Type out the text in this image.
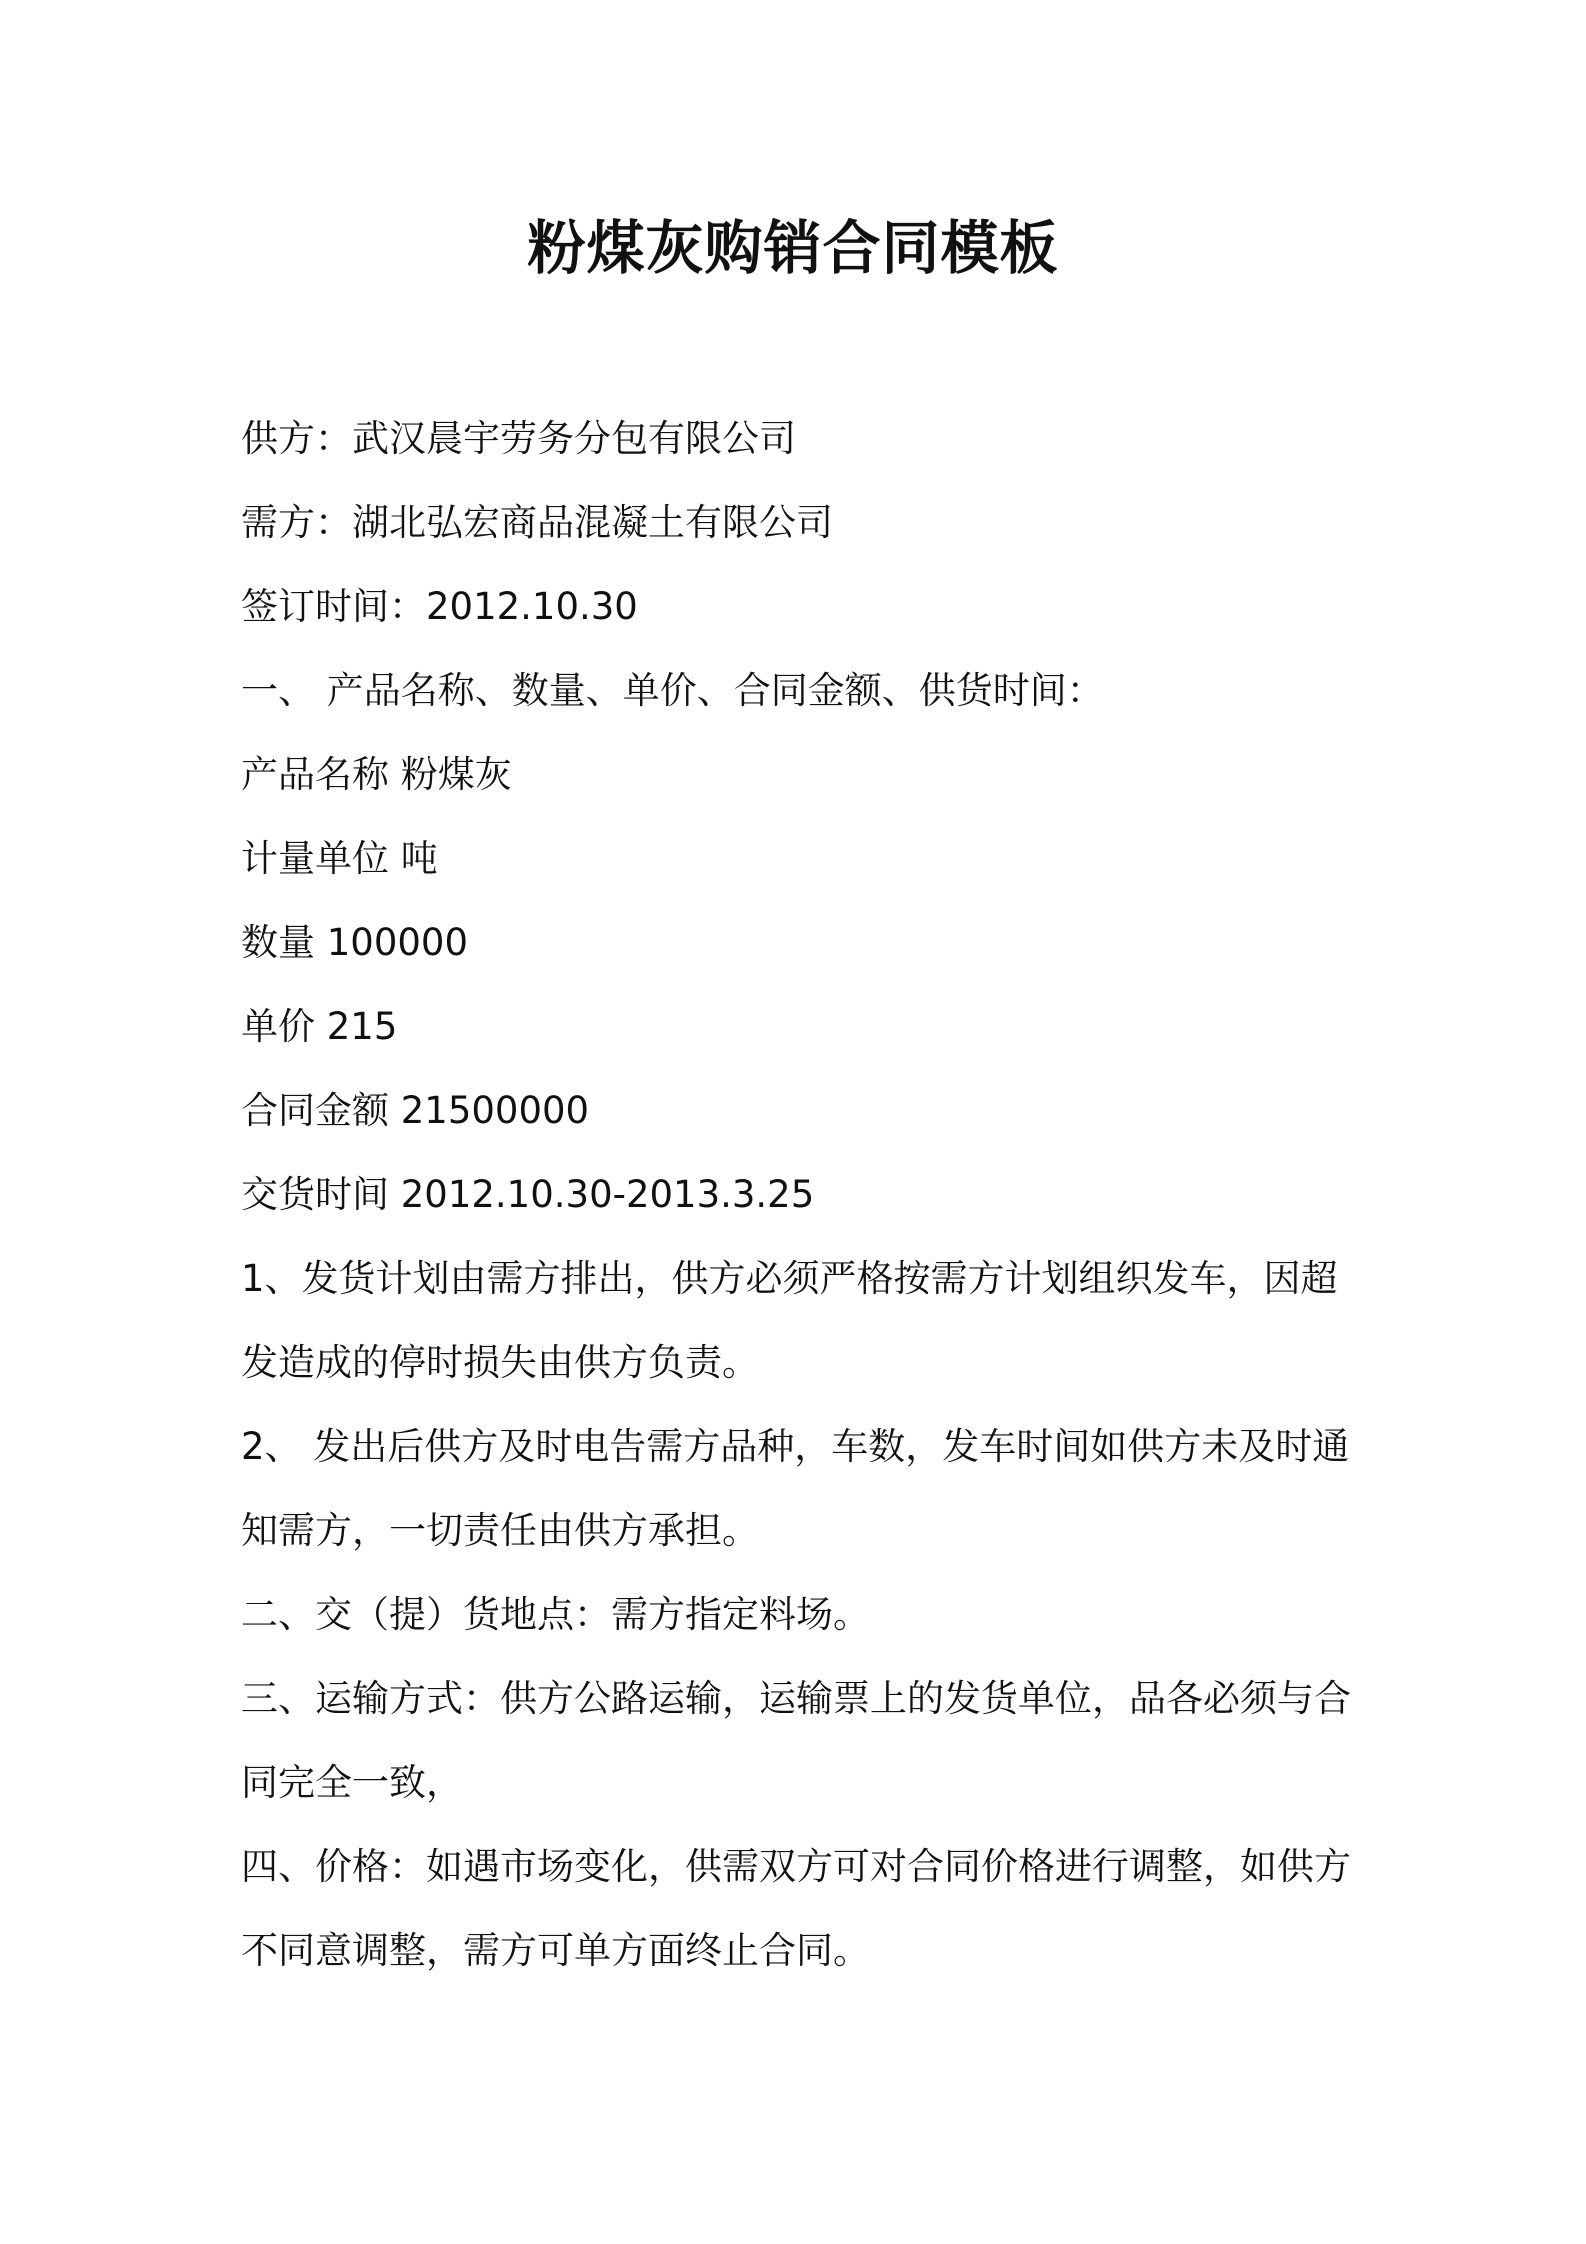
粉煤灰购销合同模板

供方：武汉晨宇劳务分包有限公司

需方：湖北弘宏商品混凝土有限公司

签订时间：2012.10.30

一、 产品名称、数量、单价、合同金额、供货时间：

产品名称 粉煤灰

计量单位 吨

数量 100000

单价 215

合同金额 21500000

交货时间 2012.10.30-2013.3.25

1、发货计划由需方排出，供方必须严格按需方计划组织发车，因超

发造成的停时损失由供方负责。

2、 发出后供方及时电告需方品种，车数，发车时间如供方未及时通

知需方，一切责任由供方承担。

二、交（提）货地点：需方指定料场。

三、运输方式：供方公路运输，运输票上的发货单位，品各必须与合

同完全一致，

四、价格：如遇市场变化，供需双方可对合同价格进行调整，如供方

不同意调整，需方可单方面终止合同。
